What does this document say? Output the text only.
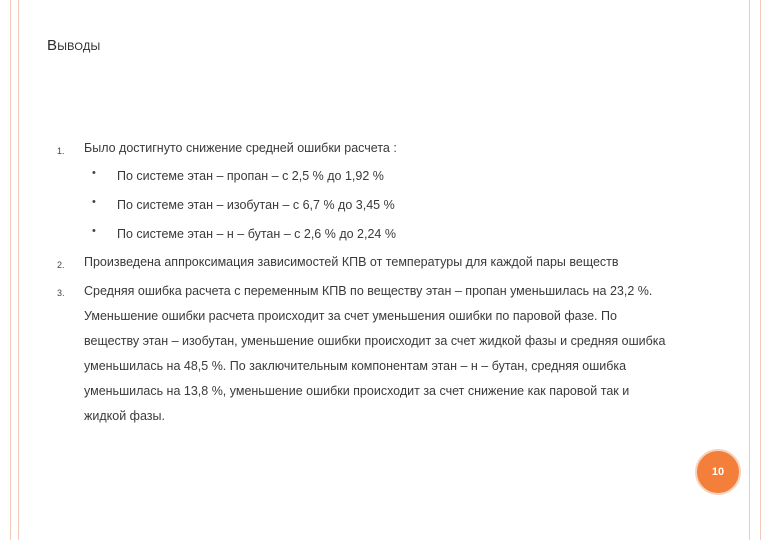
Выводы
1. Было достигнуто снижение средней ошибки расчета :
• По системе этан – пропан – с 2,5 % до 1,92 %
• По системе этан – изобутан – с 6,7 % до 3,45 %
• По системе этан – н – бутан – с 2,6 % до 2,24 %
2. Произведена аппроксимация зависимостей КПВ от температуры для каждой пары веществ
3. Средняя ошибка расчета с переменным КПВ по веществу этан – пропан уменьшилась на 23,2 %.
Уменьшение ошибки расчета происходит за счет уменьшения ошибки по паровой фазе. По
веществу этан – изобутан, уменьшение ошибки происходит за счет жидкой фазы и средняя ошибка
уменьшилась на 48,5 %. По заключительным компонентам этан – н – бутан, средняя ошибка
уменьшилась на 13,8 %, уменьшение ошибки происходит за счет снижение как паровой так и
жидкой фазы.
10
